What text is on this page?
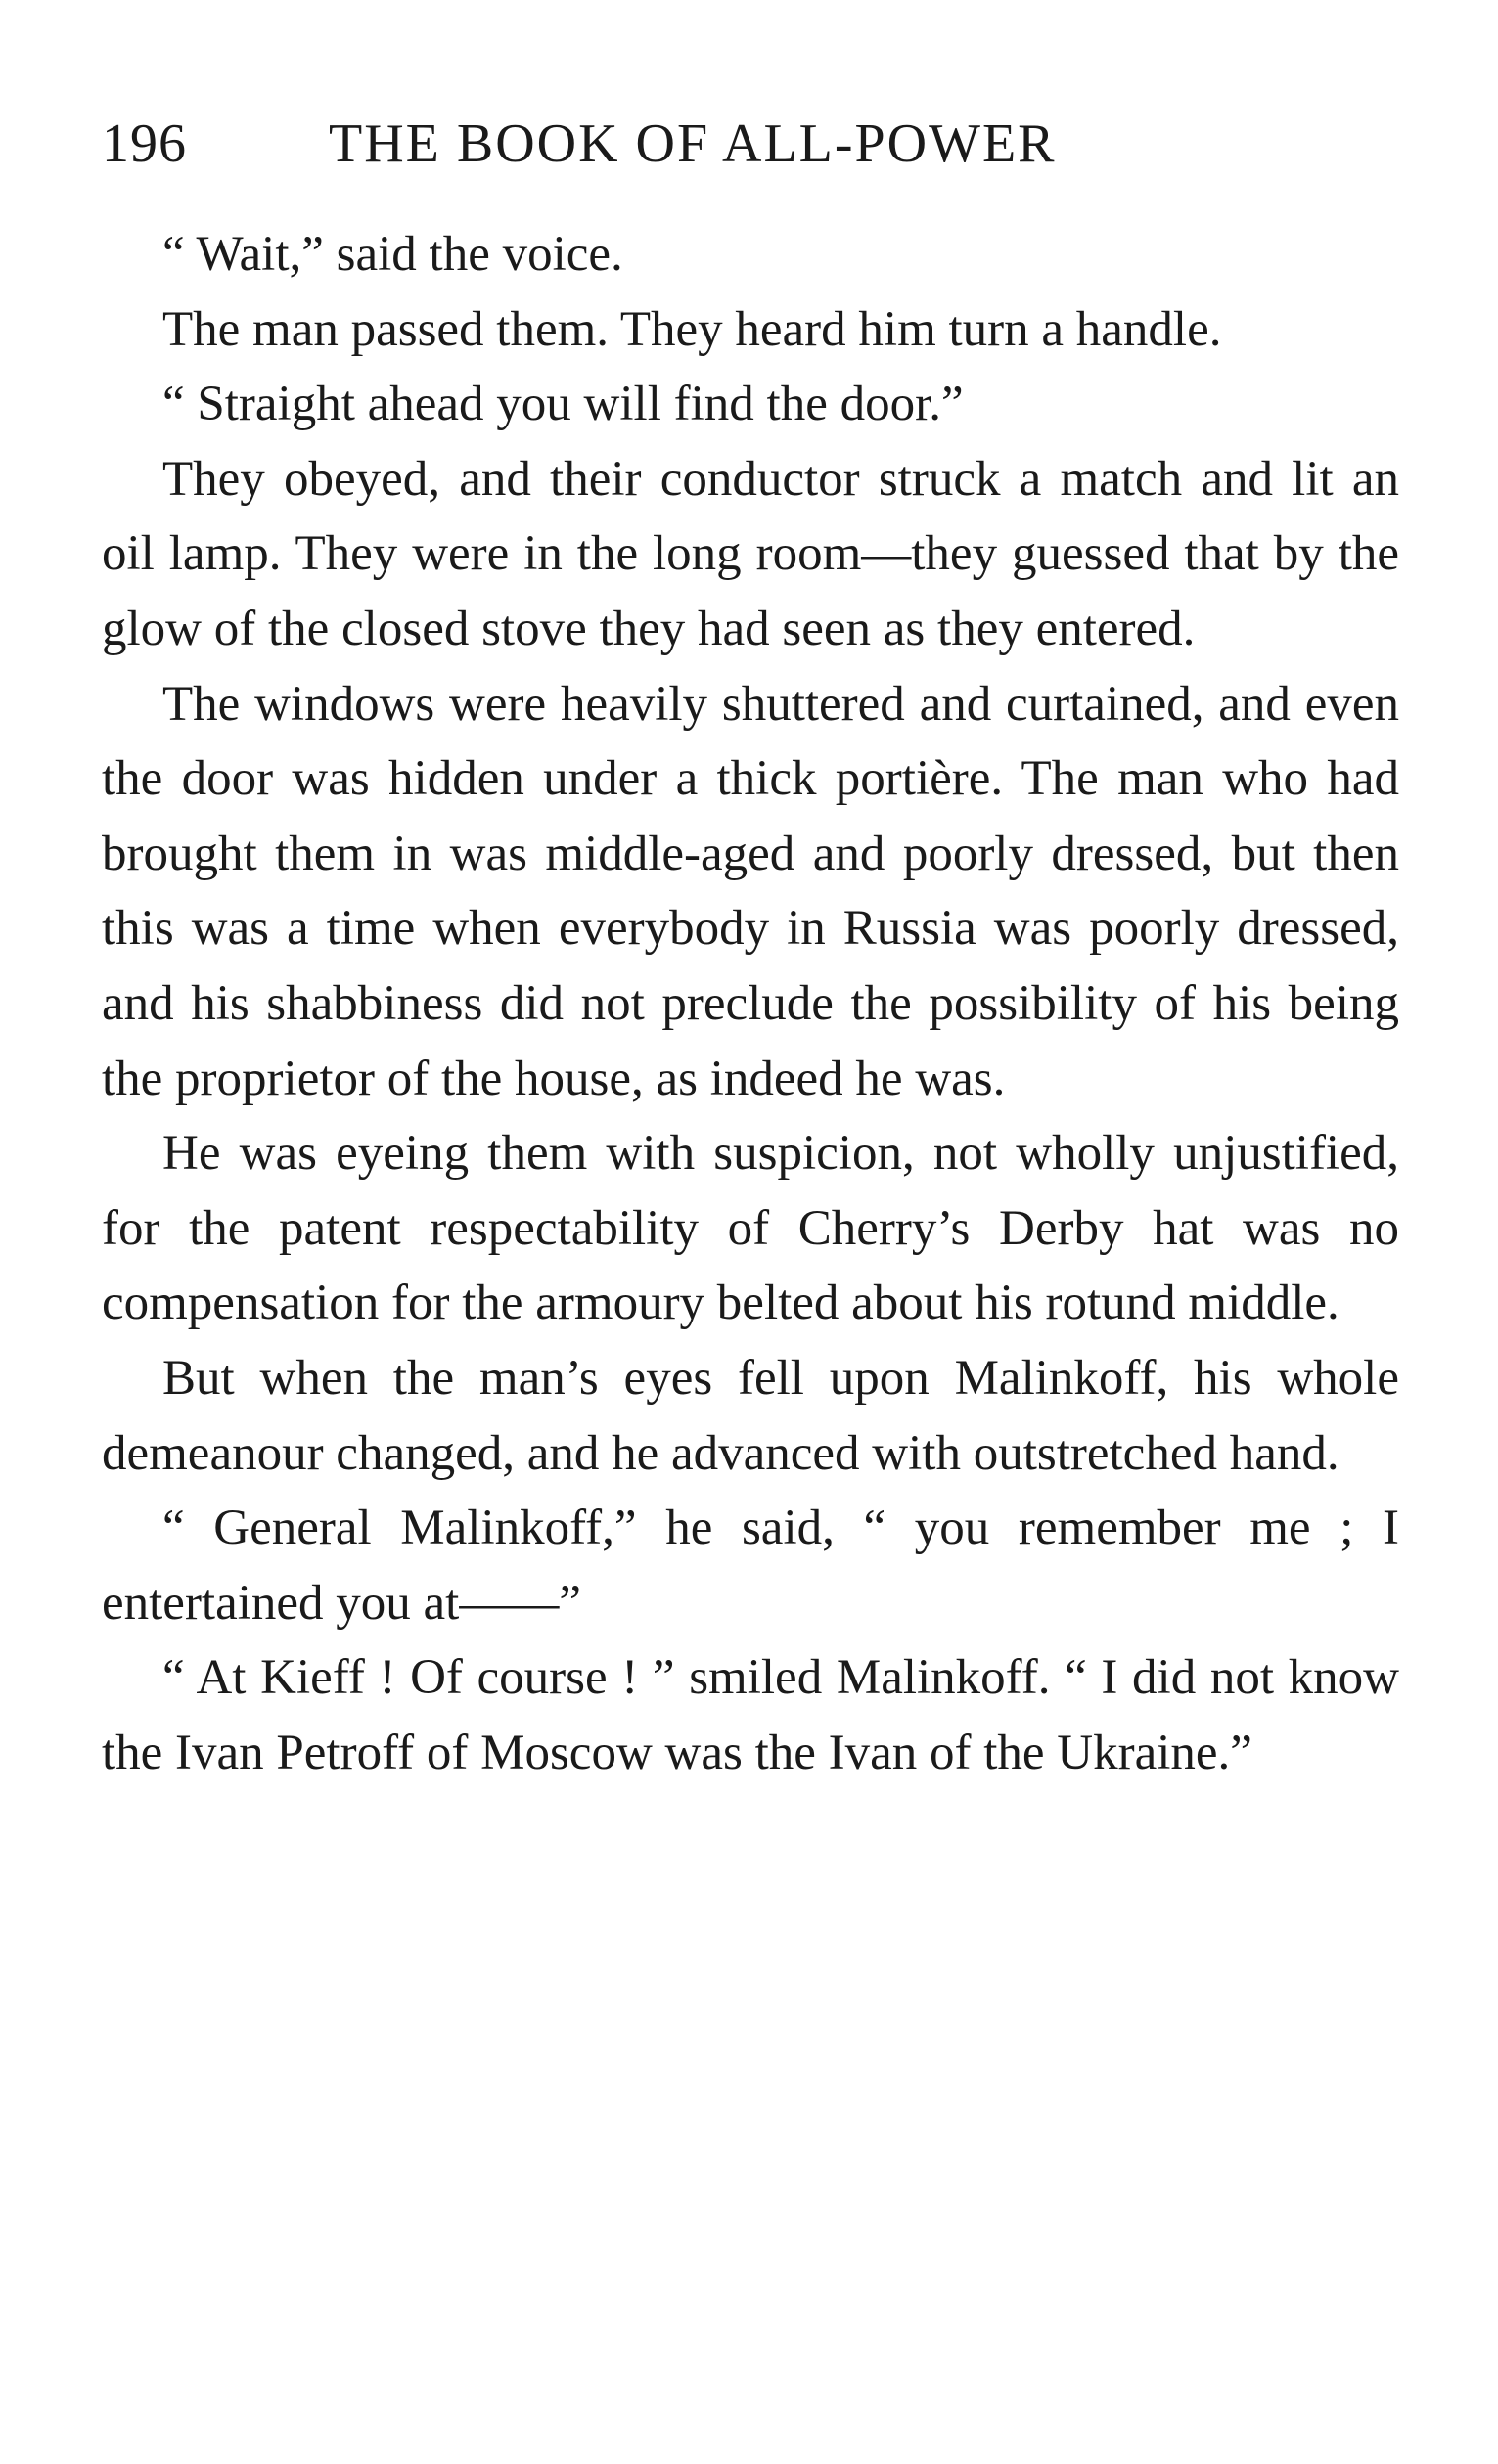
196	THE BOOK OF ALL-POWER

“ Wait,” said the voice.

The man passed them. They heard him turn a handle.

“ Straight ahead you will find the door.”

They obeyed, and their conductor struck a match and lit an oil lamp. They were in the long room—they guessed that by the glow of the closed stove they had seen as they entered.

The windows were heavily shuttered and curtained, and even the door was hidden under a thick portière. The man who had brought them in was middle-aged and poorly dressed, but then this was a time when everybody in Russia was poorly dressed, and his shabbiness did not preclude the possibility of his being the proprietor of the house, as indeed he was.

He was eyeing them with suspicion, not wholly unjustified, for the patent respectability of Cherry’s Derby hat was no compensation for the armoury belted about his rotund middle.

But when the man’s eyes fell upon Malinkoff, his whole demeanour changed, and he advanced with outstretched hand.

“ General Malinkoff,” he said, “ you remember me ; I entertained you at——”

“ At Kieff ! Of course ! ” smiled Malinkoff. “ I did not know the Ivan Petroff of Moscow was the Ivan of the Ukraine.”
